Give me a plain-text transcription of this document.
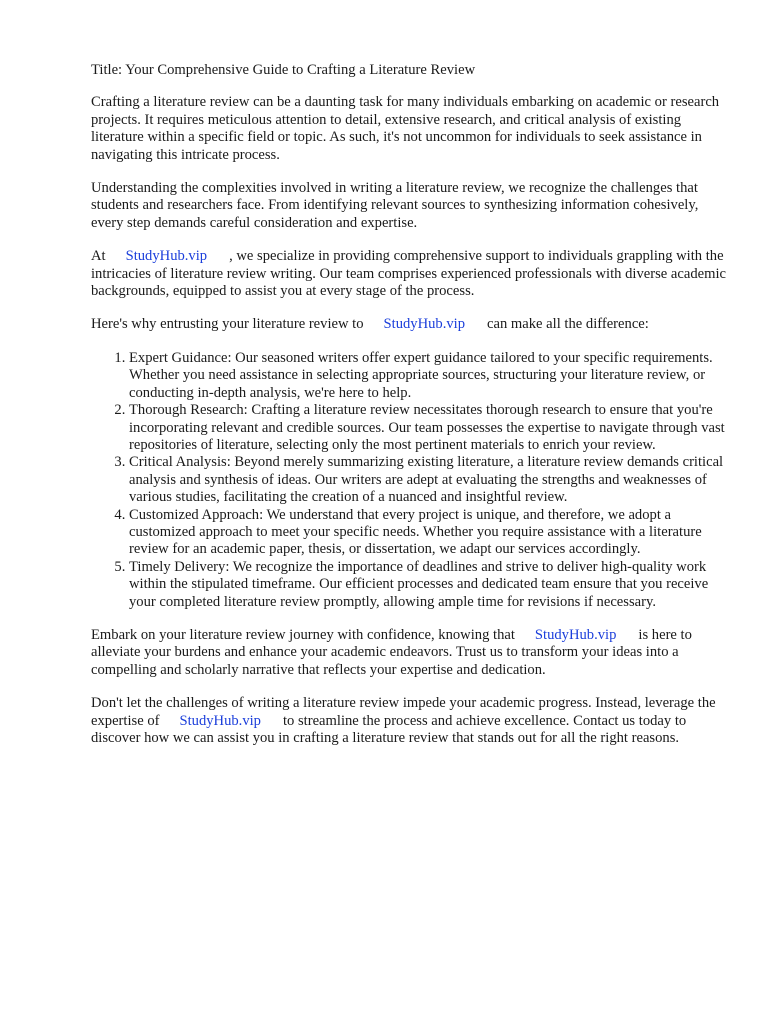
Title: Your Comprehensive Guide to Crafting a Literature Review

Crafting a literature review can be a daunting task for many individuals embarking on academic or research projects. It requires meticulous attention to detail, extensive research, and critical analysis of existing literature within a specific field or topic. As such, it's not uncommon for individuals to seek assistance in navigating this intricate process.

Understanding the complexities involved in writing a literature review, we recognize the challenges that students and researchers face. From identifying relevant sources to synthesizing information cohesively, every step demands careful consideration and expertise.

At StudyHub.vip , we specialize in providing comprehensive support to individuals grappling with the intricacies of literature review writing. Our team comprises experienced professionals with diverse academic backgrounds, equipped to assist you at every stage of the process.

Here's why entrusting your literature review to StudyHub.vip can make all the difference:

1. Expert Guidance: Our seasoned writers offer expert guidance tailored to your specific requirements. Whether you need assistance in selecting appropriate sources, structuring your literature review, or conducting in-depth analysis, we're here to help.
2. Thorough Research: Crafting a literature review necessitates thorough research to ensure that you're incorporating relevant and credible sources. Our team possesses the expertise to navigate through vast repositories of literature, selecting only the most pertinent materials to enrich your review.
3. Critical Analysis: Beyond merely summarizing existing literature, a literature review demands critical analysis and synthesis of ideas. Our writers are adept at evaluating the strengths and weaknesses of various studies, facilitating the creation of a nuanced and insightful review.
4. Customized Approach: We understand that every project is unique, and therefore, we adopt a customized approach to meet your specific needs. Whether you require assistance with a literature review for an academic paper, thesis, or dissertation, we adapt our services accordingly.
5. Timely Delivery: We recognize the importance of deadlines and strive to deliver high-quality work within the stipulated timeframe. Our efficient processes and dedicated team ensure that you receive your completed literature review promptly, allowing ample time for revisions if necessary.

Embark on your literature review journey with confidence, knowing that StudyHub.vip is here to alleviate your burdens and enhance your academic endeavors. Trust us to transform your ideas into a compelling and scholarly narrative that reflects your expertise and dedication.

Don't let the challenges of writing a literature review impede your academic progress. Instead, leverage the expertise of StudyHub.vip to streamline the process and achieve excellence. Contact us today to discover how we can assist you in crafting a literature review that stands out for all the right reasons.
